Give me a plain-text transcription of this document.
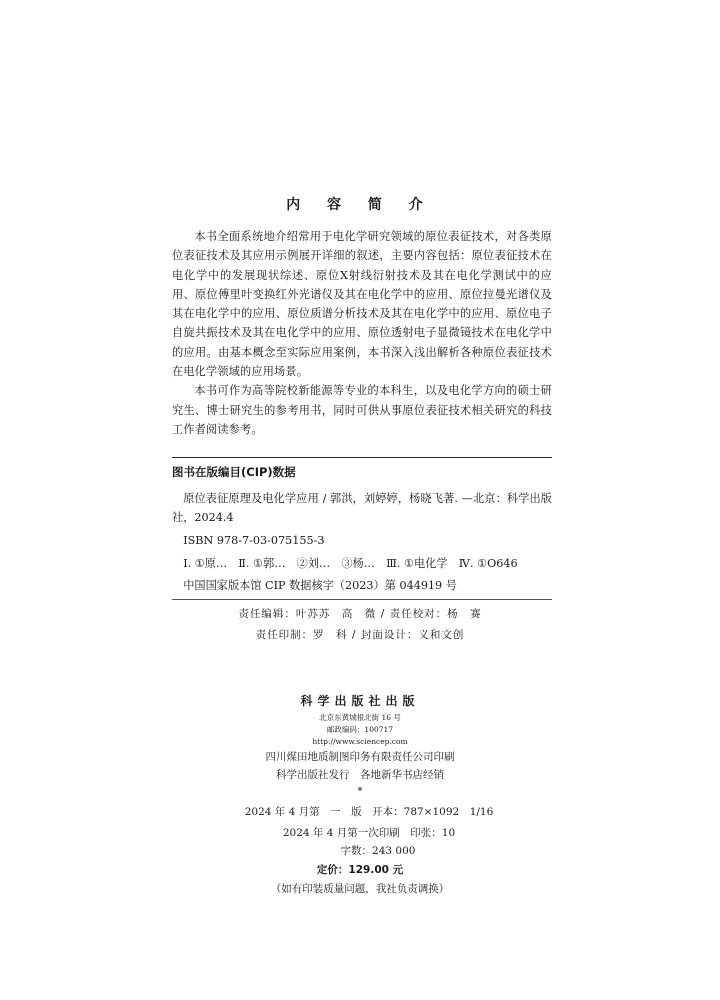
内 容 简 介

本书全面系统地介绍常用于电化学研究领域的原位表征技术，对各类原位表征技术及其应用示例展开详细的叙述，主要内容包括：原位表征技术在电化学中的发展现状综述、原位X射线衍射技术及其在电化学测试中的应用、原位傅里叶变换红外光谱仪及其在电化学中的应用、原位拉曼光谱仪及其在电化学中的应用、原位质谱分析技术及其在电化学中的应用、原位电子自旋共振技术及其在电化学中的应用、原位透射电子显微镜技术在电化学中的应用。由基本概念至实际应用案例，本书深入浅出解析各种原位表征技术在电化学领域的应用场景。

本书可作为高等院校新能源等专业的本科生，以及电化学方向的硕士研究生、博士研究生的参考用书，同时可供从事原位表征技术相关研究的科技工作者阅读参考。

图书在版编目(CIP)数据

原位表征原理及电化学应用 / 郭洪，刘婷婷，杨晓飞著. —北京：科学出版社，2024.4

ISBN 978-7-03-075155-3

Ⅰ. ①原…　Ⅱ. ①郭…　②刘…　③杨…　Ⅲ. ①电化学　Ⅳ. ①O646

中国国家版本馆 CIP 数据核字（2023）第 044919 号

责任编辑：叶苏苏　高　微 / 责任校对：杨　赛
责任印制：罗　科 / 封面设计：义和文创
科学出版社出版
北京东黄城根北街 16 号
邮政编码：100717
http://www.sciencep.com
四川煤田地质制图印务有限责任公司印刷
科学出版社发行　各地新华书店经销
*
2024 年 4 月第　一　版　开本：787×1092　1/16
2024 年 4 月第一次印刷　印张：10
字数：243 000
定价：129.00 元
（如有印装质量问题，我社负责调换）
